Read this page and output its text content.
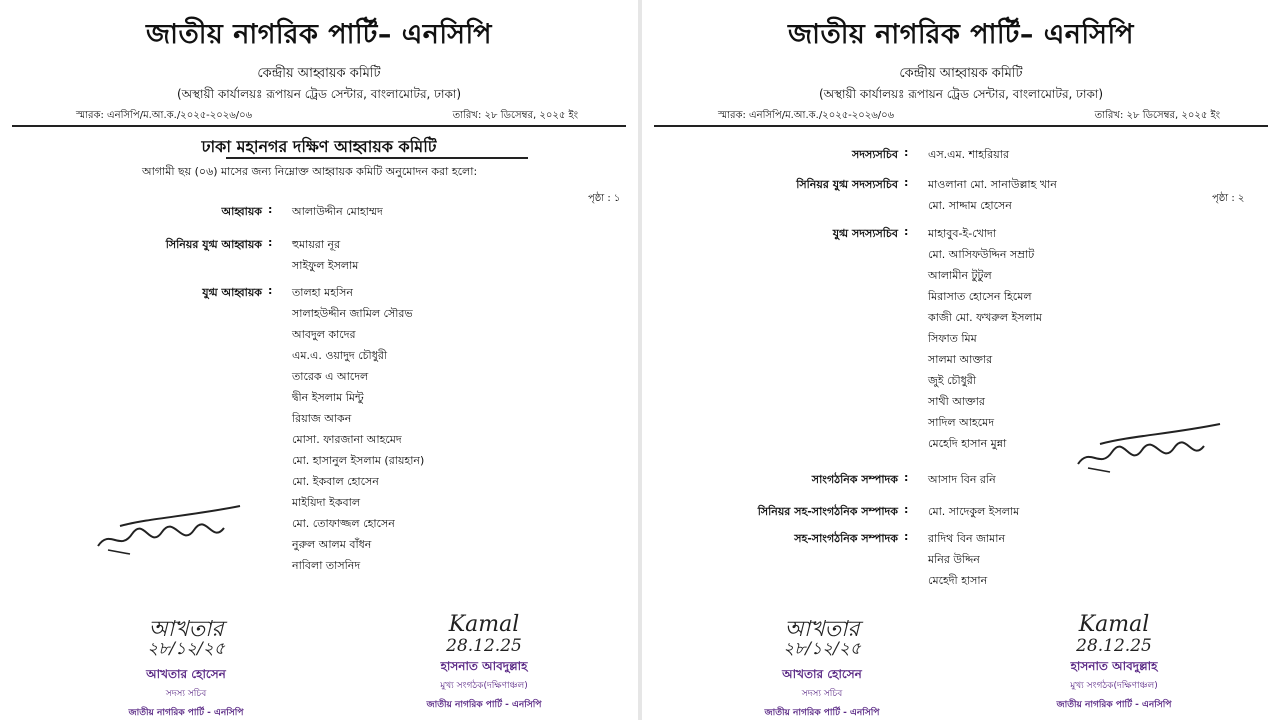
জাতীয় নাগরিক পার্টি– এনসিপি
কেন্দ্রীয় আহ্বায়ক কমিটি
(অস্থায়ী কার্যালয়ঃ রূপায়ন ট্রেড সেন্টার, বাংলামোটর, ঢাকা)
স্মারক: এনসিপি/ম.আ.ক./২০২৫-২০২৬/০৬	তারিখ: ২৮ ডিসেম্বর, ২০২৫ ইং
ঢাকা মহানগর দক্ষিণ আহ্বায়ক কমিটি
আগামী ছয় (০৬) মাসের জন্য নিম্নোক্ত আহ্বায়ক কমিটি অনুমোদন করা হলো:
পৃষ্ঠা : ১
আহ্বায়ক : আলাউদ্দীন মোহাম্মদ
সিনিয়র যুগ্ম আহ্বায়ক : হুমায়রা নূর
সাইফুল ইসলাম
যুগ্ম আহ্বায়ক : তালহা মহসিন
সালাহউদ্দীন জামিল সৌরভ
আবদুল কাদের
এম.এ. ওয়াদুদ চৌধুরী
তারেক এ আদেল
দ্বীন ইসলাম মিন্টু
রিয়াজ আকন
মোসা. ফারজানা আহমেদ
মো. হাসানুল ইসলাম (রায়হান)
মো. ইকবাল হোসেন
মাইয়িদা ইকবাল
মো. তোফাজ্জল হোসেন
নুরুল আলম বাঁধন
নাবিলা তাসনিদ
আখতার
২৮/১২/২৫
আখতার হোসেন
সদস্য সচিব
জাতীয় নাগরিক পার্টি - এনসিপি
Kamal
28.12.25
হাসনাত আবদুল্লাহ
মুখ্য সংগঠক(দক্ষিণাঞ্চল)
জাতীয় নাগরিক পার্টি - এনসিপি
জাতীয় নাগরিক পার্টি– এনসিপি
কেন্দ্রীয় আহ্বায়ক কমিটি
(অস্থায়ী কার্যালয়ঃ রূপায়ন ট্রেড সেন্টার, বাংলামোটর, ঢাকা)
স্মারক: এনসিপি/ম.আ.ক./২০২৫-২০২৬/০৬	তারিখ: ২৮ ডিসেম্বর, ২০২৫ ইং
পৃষ্ঠা : ২
সদস্যসচিব : এস.এম. শাহরিয়ার
সিনিয়র যুগ্ম সদস্যসচিব : মাওলানা মো. সানাউল্লাহ খান
মো. সাদ্দাম হোসেন
যুগ্ম সদস্যসচিব : মাহাবুব-ই-খোদা
মো. আসিফউদ্দিন সম্রাট
আলামীন টুটুল
মিরাসাত হোসেন হিমেল
কাজী মো. ফখরুল ইসলাম
সিফাত মিম
সালমা আক্তার
জুই চৌধুরী
সাথী আক্তার
সাদিল আহমেদ
মেহেদি হাসান মুন্না
সাংগঠনিক সম্পাদক : আসাদ বিন রনি
সিনিয়র সহ-সাংগঠনিক সম্পাদক : মো. সাদেকুল ইসলাম
সহ-সাংগঠনিক সম্পাদক : রাদিথ বিন জামান
মনির উদ্দিন
মেহেদী হাসান
আখতার
২৮/১২/২৫
আখতার হোসেন
সদস্য সচিব
জাতীয় নাগরিক পার্টি - এনসিপি
Kamal
28.12.25
হাসনাত আবদুল্লাহ
মুখ্য সংগঠক(দক্ষিণাঞ্চল)
জাতীয় নাগরিক পার্টি - এনসিপি
